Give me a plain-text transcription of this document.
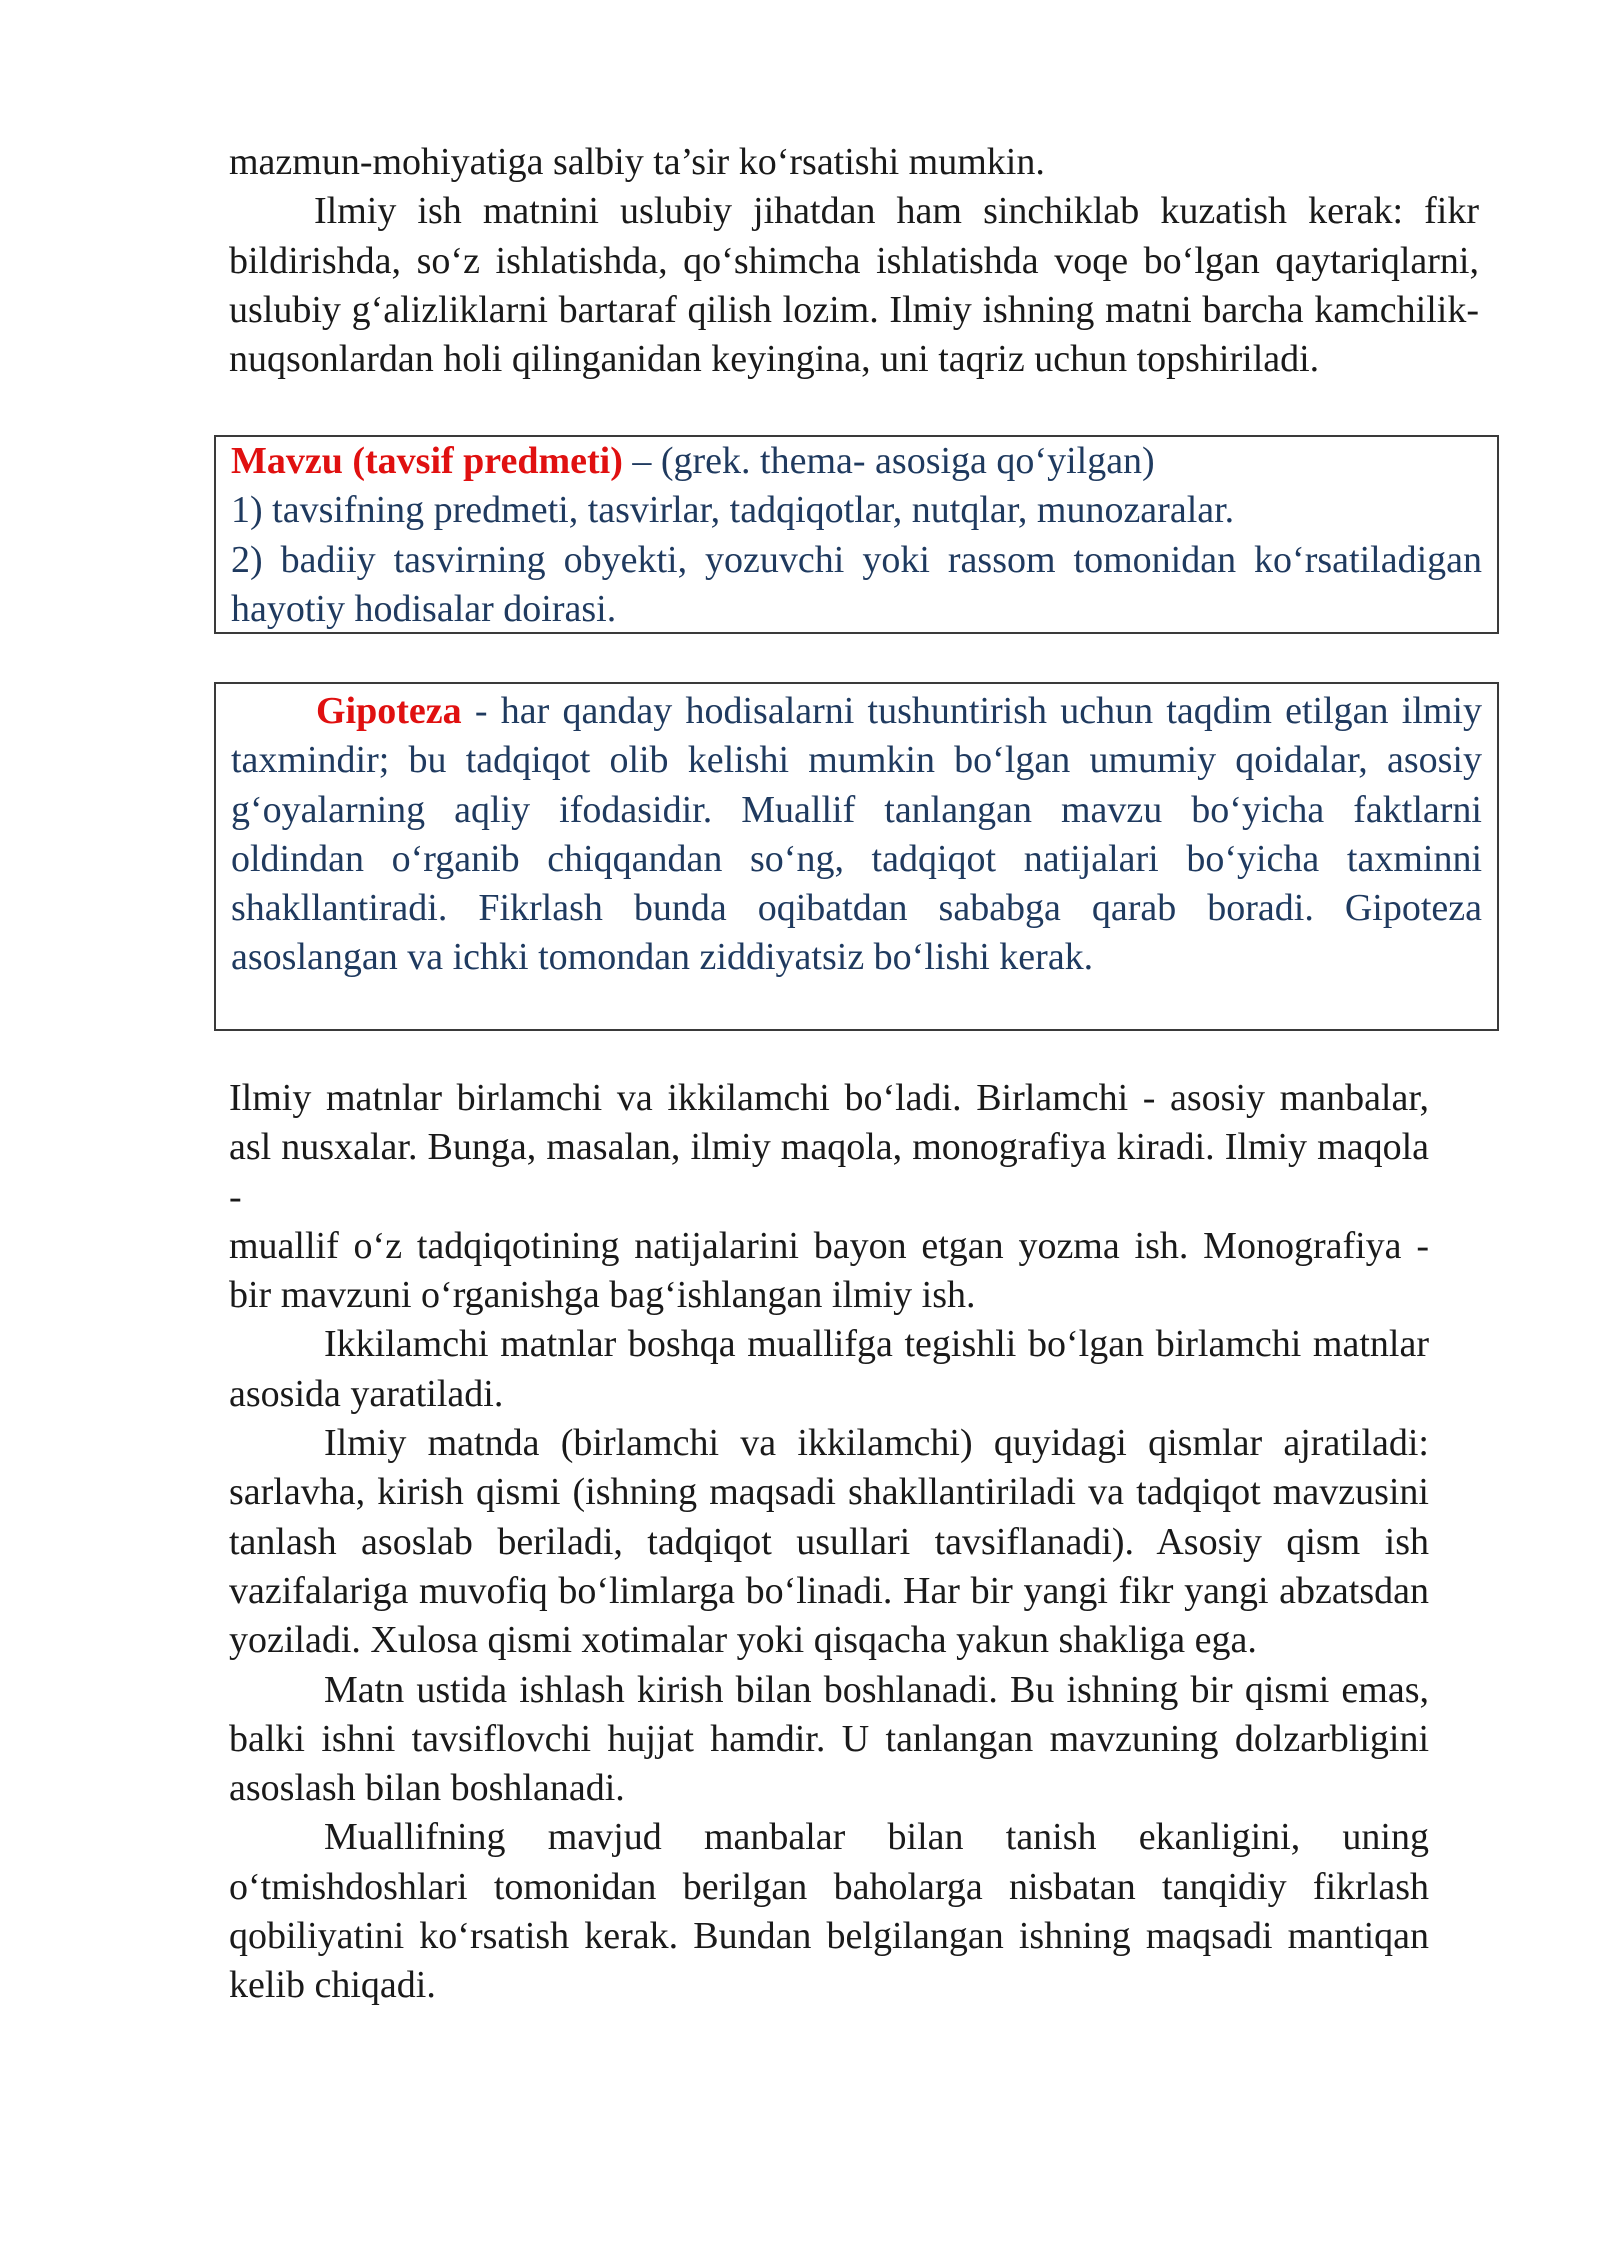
mazmun-mohiyatiga salbiy ta’sir ko‘rsatishi mumkin.

Ilmiy ish matnini uslubiy jihatdan ham sinchiklab kuzatish kerak: fikr bildirishda, so‘z ishlatishda, qo‘shimcha ishlatishda voqe bo‘lgan qaytariqlarni, uslubiy g‘alizliklarni bartaraf qilish lozim. Ilmiy ishning matni barcha kamchilik-nuqsonlardan holi qilinganidan keyingina, uni taqriz uchun topshiriladi.

Mavzu (tavsif predmeti) – (grek. thema- asosiga qo‘yilgan)

1) tavsifning predmeti, tasvirlar, tadqiqotlar, nutqlar, munozaralar.

2) badiiy tasvirning obyekti, yozuvchi yoki rassom tomonidan ko‘rsatiladigan hayotiy hodisalar doirasi.

Gipoteza - har qanday hodisalarni tushuntirish uchun taqdim etilgan ilmiy taxmindir; bu tadqiqot olib kelishi mumkin bo‘lgan umumiy qoidalar, asosiy g‘oyalarning aqliy ifodasidir. Muallif tanlangan mavzu bo‘yicha faktlarni oldindan o‘rganib chiqqandan so‘ng, tadqiqot natijalari bo‘yicha taxminni shakllantiradi. Fikrlash bunda oqibatdan sababga qarab boradi. Gipoteza asoslangan va ichki tomondan ziddiyatsiz bo‘lishi kerak.

Ilmiy matnlar birlamchi va ikkilamchi bo‘ladi. Birlamchi - asosiy manbalar, asl nusxalar. Bunga, masalan, ilmiy maqola, monografiya kiradi. Ilmiy maqola -

muallif o‘z tadqiqotining natijalarini bayon etgan yozma ish. Monografiya - bir mavzuni o‘rganishga bag‘ishlangan ilmiy ish.

Ikkilamchi matnlar boshqa muallifga tegishli bo‘lgan birlamchi matnlar asosida yaratiladi.

Ilmiy matnda (birlamchi va ikkilamchi) quyidagi qismlar ajratiladi: sarlavha, kirish qismi (ishning maqsadi shakllantiriladi va tadqiqot mavzusini tanlash asoslab beriladi, tadqiqot usullari tavsiflanadi). Asosiy qism ish vazifalariga muvofiq bo‘limlarga bo‘linadi. Har bir yangi fikr yangi abzatsdan yoziladi. Xulosa qismi xotimalar yoki qisqacha yakun shakliga ega.

Matn ustida ishlash kirish bilan boshlanadi. Bu ishning bir qismi emas, balki ishni tavsiflovchi hujjat hamdir. U tanlangan mavzuning dolzarbligini asoslash bilan boshlanadi.

Muallifning mavjud manbalar bilan tanish ekanligini, uning o‘tmishdoshlari tomonidan berilgan baholarga nisbatan tanqidiy fikrlash qobiliyatini ko‘rsatish kerak. Bundan belgilangan ishning maqsadi mantiqan kelib chiqadi.
